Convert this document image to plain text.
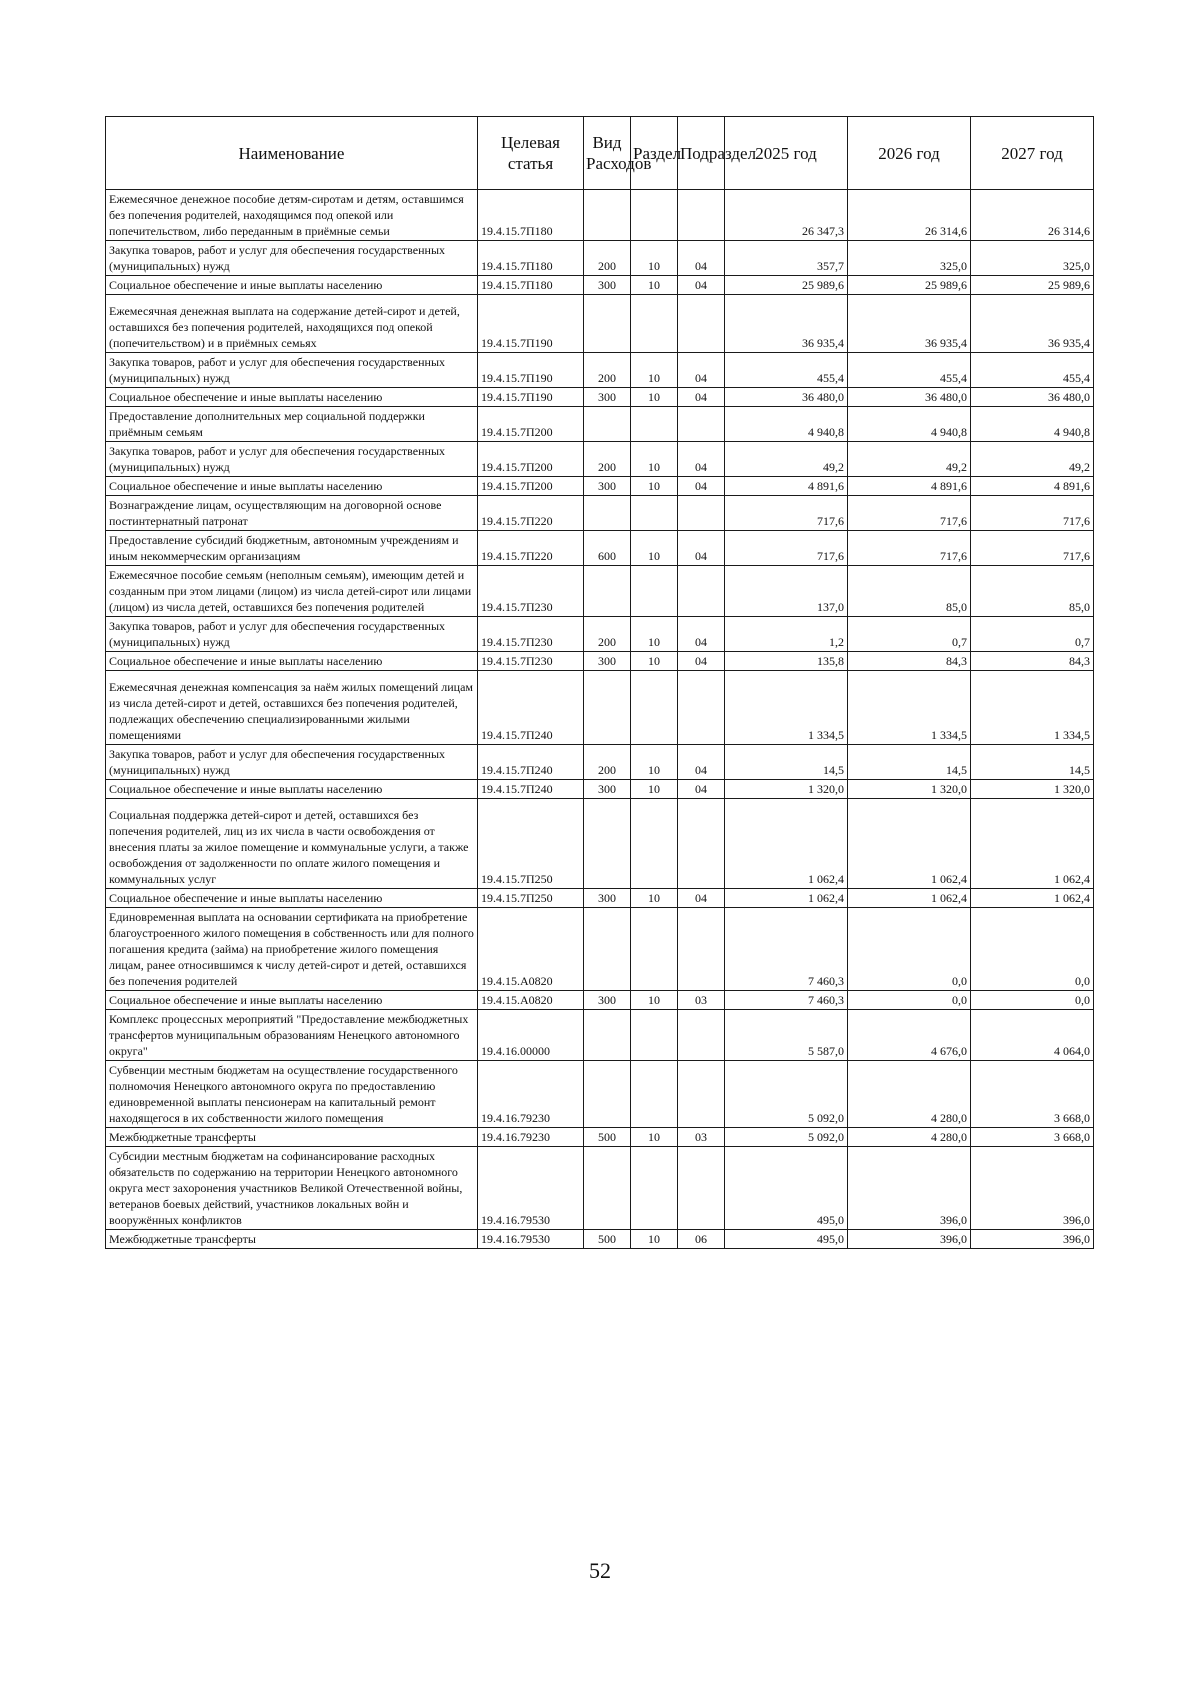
Наименование	Целевая статья	Вид Расходов	Раздел	Подраздел	2025 год	2026 год	2027 год
Ежемесячное денежное пособие детям-сиротам и детям, оставшимся без попечения родителей, находящимся под опекой или попечительством, либо переданным в приёмные семьи	19.4.15.7П180				26 347,3	26 314,6	26 314,6
Закупка товаров, работ и услуг для обеспечения государственных (муниципальных) нужд	19.4.15.7П180	200	10	04	357,7	325,0	325,0
Социальное обеспечение и иные выплаты населению	19.4.15.7П180	300	10	04	25 989,6	25 989,6	25 989,6
Ежемесячная денежная выплата на содержание детей-сирот и детей, оставшихся без попечения родителей, находящихся под опекой (попечительством) и в приёмных семьях	19.4.15.7П190				36 935,4	36 935,4	36 935,4
Закупка товаров, работ и услуг для обеспечения государственных (муниципальных) нужд	19.4.15.7П190	200	10	04	455,4	455,4	455,4
Социальное обеспечение и иные выплаты населению	19.4.15.7П190	300	10	04	36 480,0	36 480,0	36 480,0
Предоставление дополнительных мер социальной поддержки приёмным семьям	19.4.15.7П200				4 940,8	4 940,8	4 940,8
Закупка товаров, работ и услуг для обеспечения государственных (муниципальных) нужд	19.4.15.7П200	200	10	04	49,2	49,2	49,2
Социальное обеспечение и иные выплаты населению	19.4.15.7П200	300	10	04	4 891,6	4 891,6	4 891,6
Вознаграждение лицам, осуществляющим на договорной основе постинтернатный патронат	19.4.15.7П220				717,6	717,6	717,6
Предоставление субсидий бюджетным, автономным учреждениям и иным некоммерческим организациям	19.4.15.7П220	600	10	04	717,6	717,6	717,6
Ежемесячное пособие семьям (неполным семьям), имеющим детей и созданным при этом лицами (лицом) из числа детей-сирот или лицами (лицом) из числа детей, оставшихся без попечения родителей	19.4.15.7П230				137,0	85,0	85,0
Закупка товаров, работ и услуг для обеспечения государственных (муниципальных) нужд	19.4.15.7П230	200	10	04	1,2	0,7	0,7
Социальное обеспечение и иные выплаты населению	19.4.15.7П230	300	10	04	135,8	84,3	84,3
Ежемесячная денежная компенсация за наём жилых помещений лицам из числа детей-сирот и детей, оставшихся без попечения родителей, подлежащих обеспечению специализированными жилыми помещениями	19.4.15.7П240				1 334,5	1 334,5	1 334,5
Закупка товаров, работ и услуг для обеспечения государственных (муниципальных) нужд	19.4.15.7П240	200	10	04	14,5	14,5	14,5
Социальное обеспечение и иные выплаты населению	19.4.15.7П240	300	10	04	1 320,0	1 320,0	1 320,0
Социальная поддержка детей-сирот и детей, оставшихся без попечения родителей, лиц из их числа в части освобождения от внесения платы за жилое помещение и коммунальные услуги, а также освобождения от задолженности по оплате жилого помещения и коммунальных услуг	19.4.15.7П250				1 062,4	1 062,4	1 062,4
Социальное обеспечение и иные выплаты населению	19.4.15.7П250	300	10	04	1 062,4	1 062,4	1 062,4
Единовременная выплата на основании сертификата на приобретение благоустроенного жилого помещения в собственность или для полного погашения кредита (займа) на приобретение жилого помещения лицам, ранее относившимся к числу детей-сирот и детей, оставшихся без попечения родителей	19.4.15.А0820				7 460,3	0,0	0,0
Социальное обеспечение и иные выплаты населению	19.4.15.А0820	300	10	03	7 460,3	0,0	0,0
Комплекс процессных мероприятий "Предоставление межбюджетных трансфертов муниципальным образованиям Ненецкого автономного округа"	19.4.16.00000				5 587,0	4 676,0	4 064,0
Субвенции местным бюджетам на осуществление государственного полномочия Ненецкого автономного округа по предоставлению единовременной выплаты пенсионерам на капитальный ремонт находящегося в их собственности жилого помещения	19.4.16.79230				5 092,0	4 280,0	3 668,0
Межбюджетные трансферты	19.4.16.79230	500	10	03	5 092,0	4 280,0	3 668,0
Субсидии местным бюджетам на софинансирование расходных обязательств по содержанию на территории Ненецкого автономного округа мест захоронения участников Великой Отечественной войны, ветеранов боевых действий, участников локальных войн и вооружённых конфликтов	19.4.16.79530				495,0	396,0	396,0
Межбюджетные трансферты	19.4.16.79530	500	10	06	495,0	396,0	396,0
52
